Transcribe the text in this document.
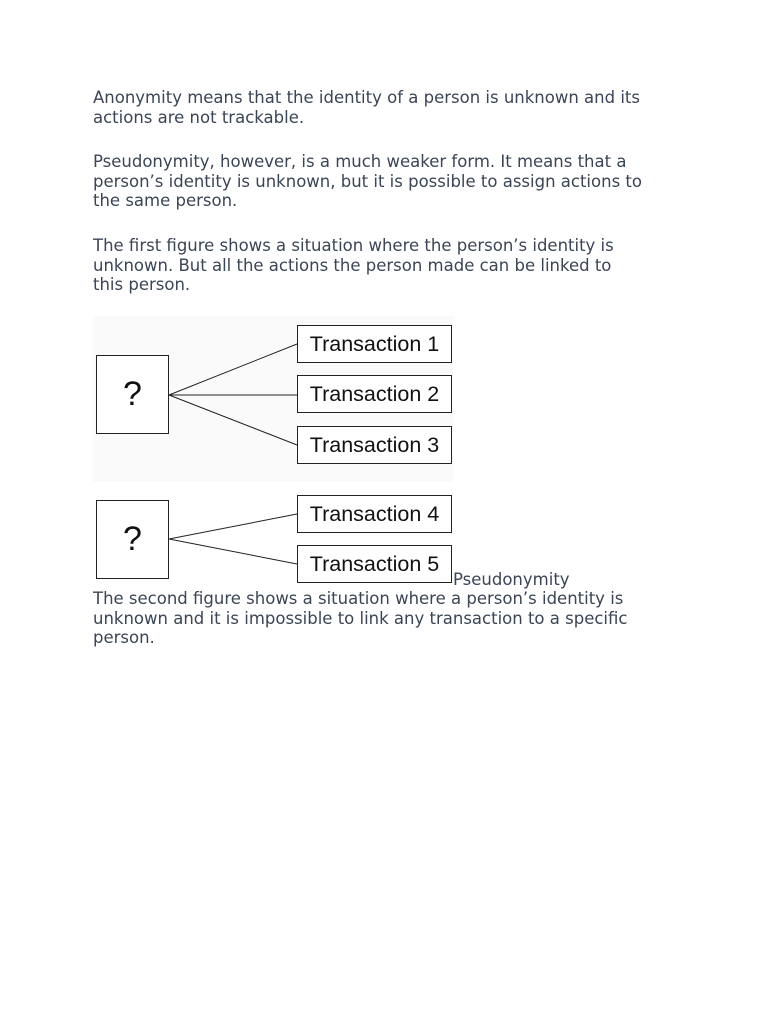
Anonymity means that the identity of a person is unknown and its
actions are not trackable.

Pseudonymity, however, is a much weaker form. It means that a
person’s identity is unknown, but it is possible to assign actions to
the same person.

The first figure shows a situation where the person’s identity is
unknown. But all the actions the person made can be linked to
this person.

?
Transaction 1
Transaction 2
Transaction 3
?
Transaction 4
Transaction 5
Pseudonymity

The second figure shows a situation where a person’s identity is
unknown and it is impossible to link any transaction to a specific
person.
